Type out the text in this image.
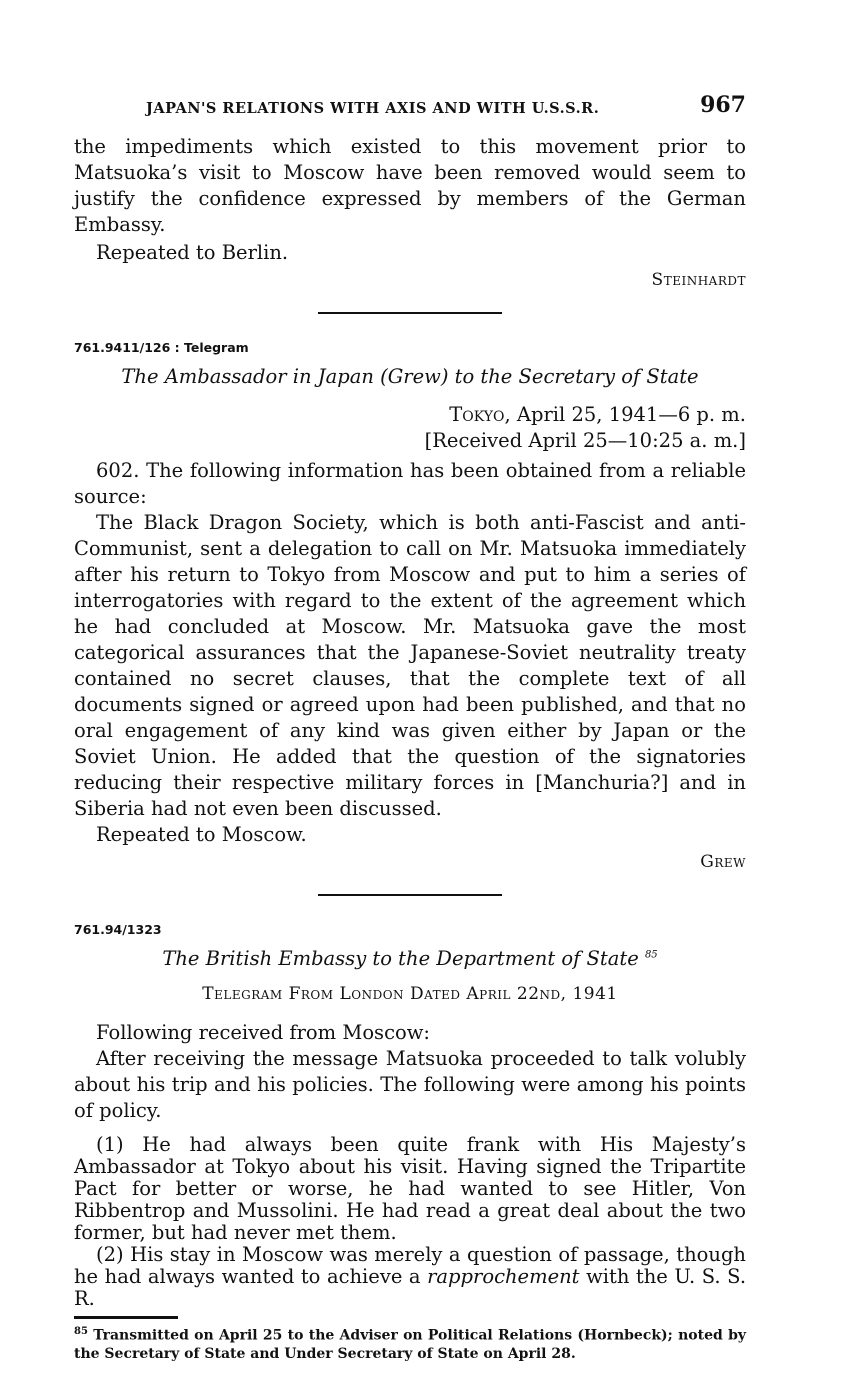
JAPAN'S RELATIONS WITH AXIS AND WITH U.S.S.R.	967

the impediments which existed to this movement prior to Matsuoka’s visit to Moscow have been removed would seem to justify the confidence expressed by members of the German Embassy.

Repeated to Berlin.

Steinhardt
761.9411/126 : Telegram
The Ambassador in Japan (Grew) to the Secretary of State
Tokyo, April 25, 1941—6 p. m.
[Received April 25—10:25 a. m.]

602. The following information has been obtained from a reliable source:

The Black Dragon Society, which is both anti-Fascist and anti-Communist, sent a delegation to call on Mr. Matsuoka immediately after his return to Tokyo from Moscow and put to him a series of interrogatories with regard to the extent of the agreement which he had concluded at Moscow. Mr. Matsuoka gave the most categorical assurances that the Japanese-Soviet neutrality treaty contained no secret clauses, that the complete text of all documents signed or agreed upon had been published, and that no oral engagement of any kind was given either by Japan or the Soviet Union. He added that the question of the signatories reducing their respective military forces in [Manchuria?] and in Siberia had not even been discussed.

Repeated to Moscow.

Grew
761.94/1323
The British Embassy to the Department of State $^{85}$
Telegram From London Dated April 22nd, 1941

Following received from Moscow:

After receiving the message Matsuoka proceeded to talk volubly about his trip and his policies. The following were among his points of policy.

(1) He had always been quite frank with His Majesty’s Ambassador at Tokyo about his visit. Having signed the Tripartite Pact for better or worse, he had wanted to see Hitler, Von Ribbentrop and Mussolini. He had read a great deal about the two former, but had never met them.

(2) His stay in Moscow was merely a question of passage, though he had always wanted to achieve a rapprochement with the U. S. S. R.

$^{85}$ Transmitted on April 25 to the Adviser on Political Relations (Hornbeck); noted by the Secretary of State and Under Secretary of State on April 28.
